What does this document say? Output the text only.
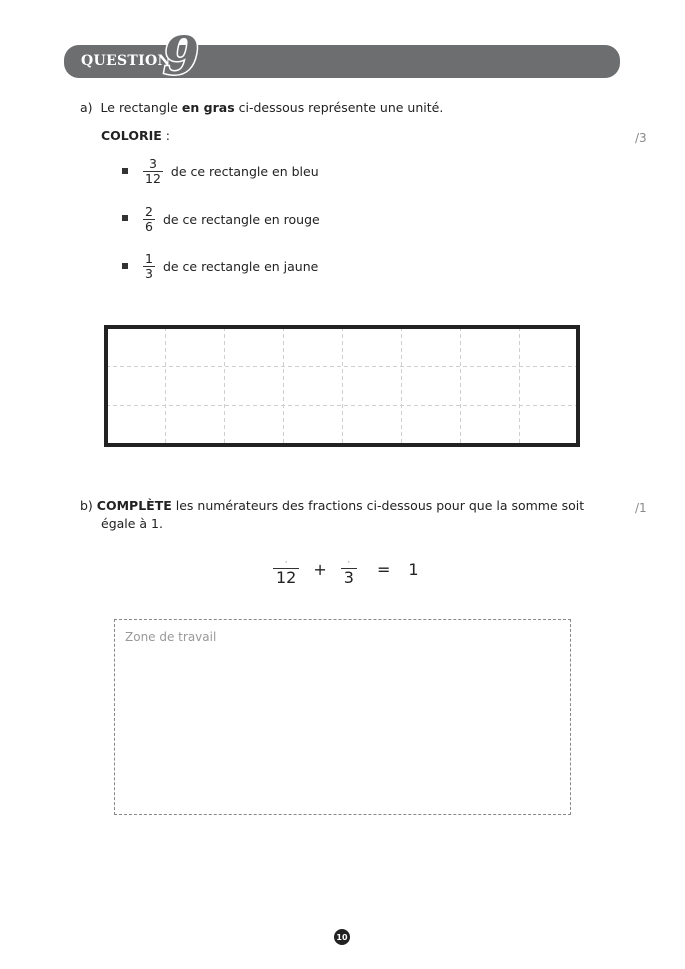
QUESTION
9
a) Le rectangle en gras ci-dessous représente une unité.
COLORIE :	/3
$\frac{3}{12}$ de ce rectangle en bleu
$\frac{2}{6}$ de ce rectangle en rouge
$\frac{1}{3}$ de ce rectangle en jaune
b) COMPLÈTE les numérateurs des fractions ci-dessous pour que la somme soit
égale à 1.
/1
$\frac{\cdot}{12} + \frac{\cdot}{3} = 1$
Zone de travail
10
